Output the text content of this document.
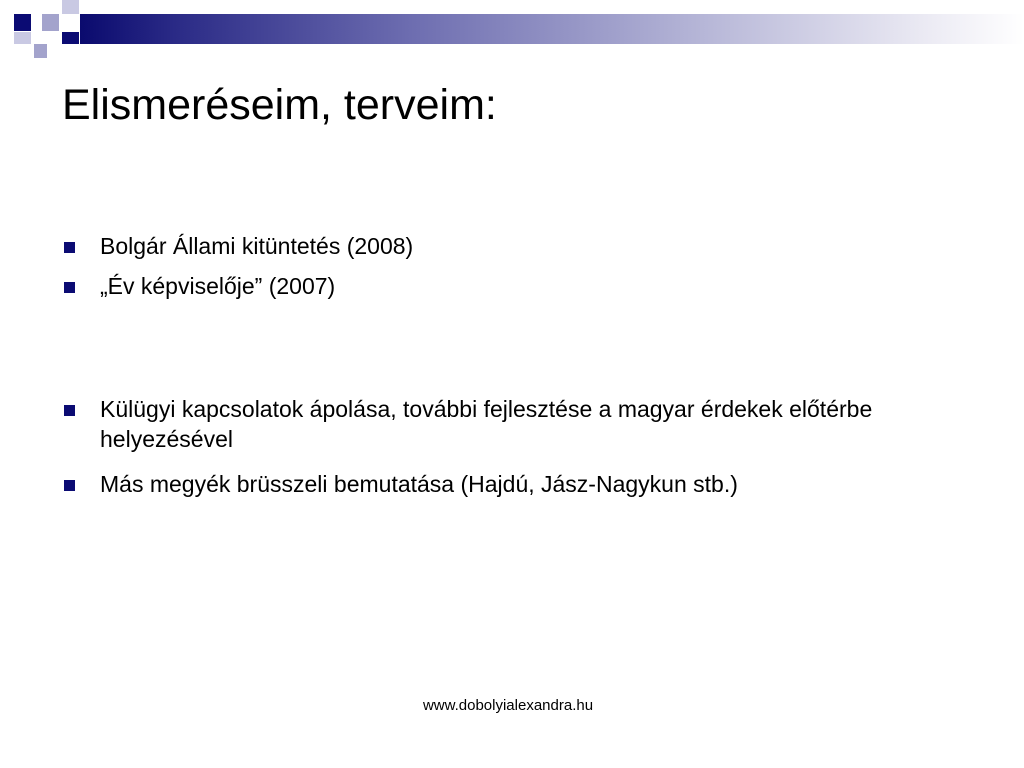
Elismeréseim, terveim:
Bolgár Állami kitüntetés (2008)
„Év képviselője” (2007)
Külügyi kapcsolatok ápolása, további fejlesztése a magyar érdekek előtérbe helyezésével
Más megyék brüsszeli bemutatása (Hajdú, Jász-Nagykun stb.)
www.dobolyialexandra.hu
